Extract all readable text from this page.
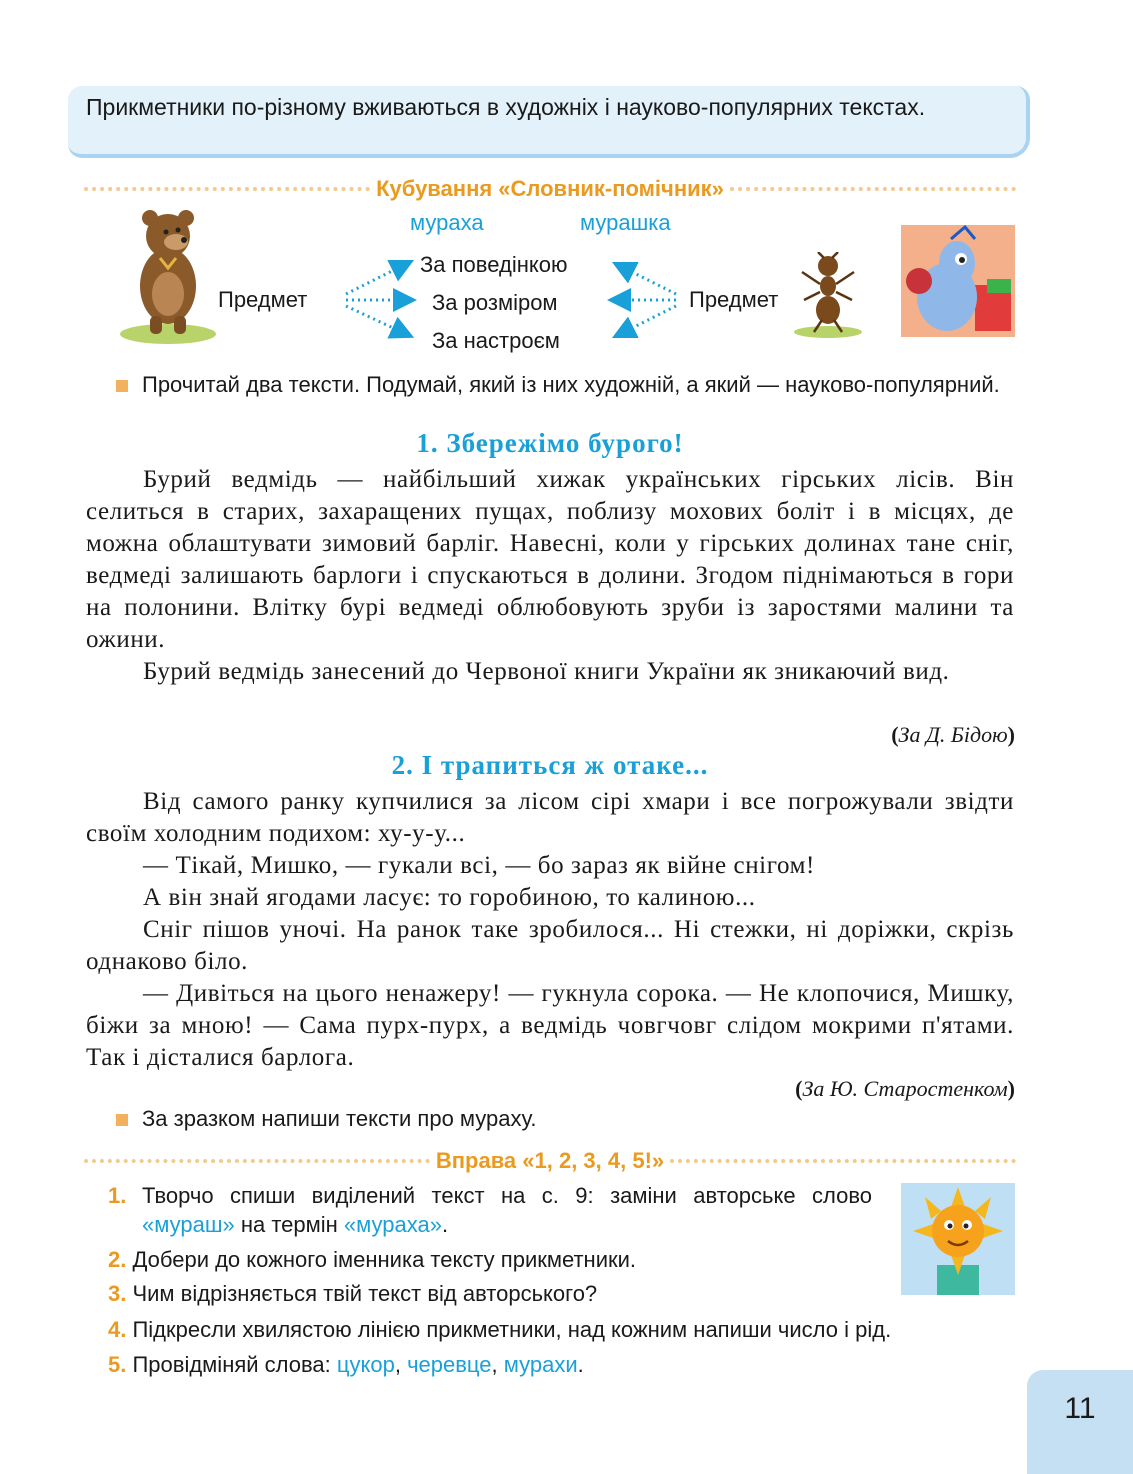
Прикметники по-різному вживаються в художніх і науково-популярних текстах.
Кубування «Словник-помічник»
Предмет
мураха	мурашка
За поведінкою
За розміром
За настроєм
Предмет
Прочитай два тексти. Подумай, який із них художній, а який — науково-популярний.
1. Збережімо бурого!
Бурий ведмідь — найбільший хижак українських гірських лісів. Він селиться в старих, захаращених пущах, поблизу мохових боліт і в місцях, де можна облаштувати зимовий барліг. Навесні, коли у гірських долинах тане сніг, ведмеді залишають барлоги і спускаються в долини. Згодом піднімаються в гори на полонини. Влітку бурі ведмеді облюбовують зруби із заростями малини та ожини.
Бурий ведмідь занесений до Червоної книги України як зникаючий вид.
(За Д. Бідою)
2. І трапиться ж отаке...
Від самого ранку купчилися за лісом сірі хмари і все погрожували звідти своїм холодним подихом: ху-у-у...
— Тікай, Мишко, — гукали всі, — бо зараз як війне снігом!
А він знай ягодами ласує: то горобиною, то калиною...
Сніг пішов уночі. На ранок таке зробилося... Ні стежки, ні доріжки, скрізь однаково біло.
— Дивіться на цього ненажеру! — гукнула сорока. — Не клопочися, Мишку, біжи за мною! — Сама пурх-пурх, а ведмідь човгчовг слідом мокрими п'ятами. Так і дісталися барлога.
(За Ю. Старостенком)
За зразком напиши тексти про мураху.
Вправа «1, 2, 3, 4, 5!»
1. Творчо спиши виділений текст на с. 9: заміни авторське слово «мураш» на термін «мураха».
2. Добери до кожного іменника тексту прикметники.
3. Чим відрізняється твій текст від авторського?
4. Підкресли хвилястою лінією прикметники, над кожним напиши число і рід.
5. Провідміняй слова: цукор, черевце, мурахи.
11
